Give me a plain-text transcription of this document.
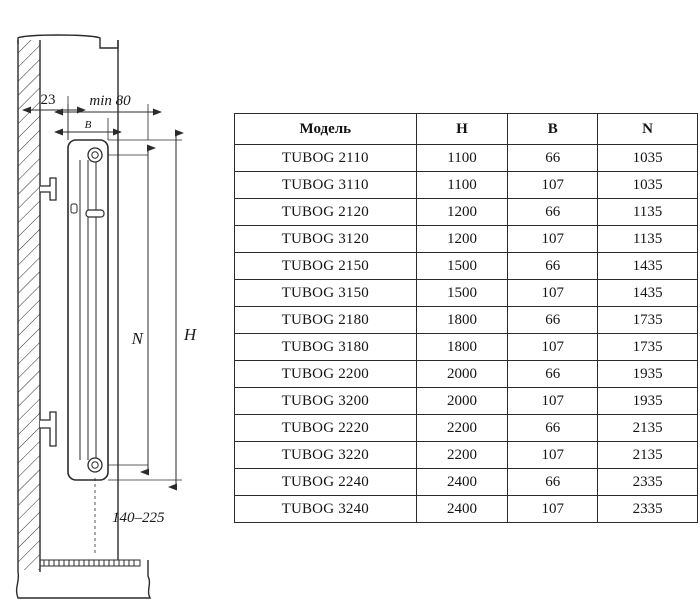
23
B
min 80
N H
140–225
Модель	H	B	N
TUBOG 2110	1100	66	1035
TUBOG 3110	1100	107	1035
TUBOG 2120	1200	66	1135
TUBOG 3120	1200	107	1135
TUBOG 2150	1500	66	1435
TUBOG 3150	1500	107	1435
TUBOG 2180	1800	66	1735
TUBOG 3180	1800	107	1735
TUBOG 2200	2000	66	1935
TUBOG 3200	2000	107	1935
TUBOG 2220	2200	66	2135
TUBOG 3220	2200	107	2135
TUBOG 2240	2400	66	2335
TUBOG 3240	2400	107	2335
